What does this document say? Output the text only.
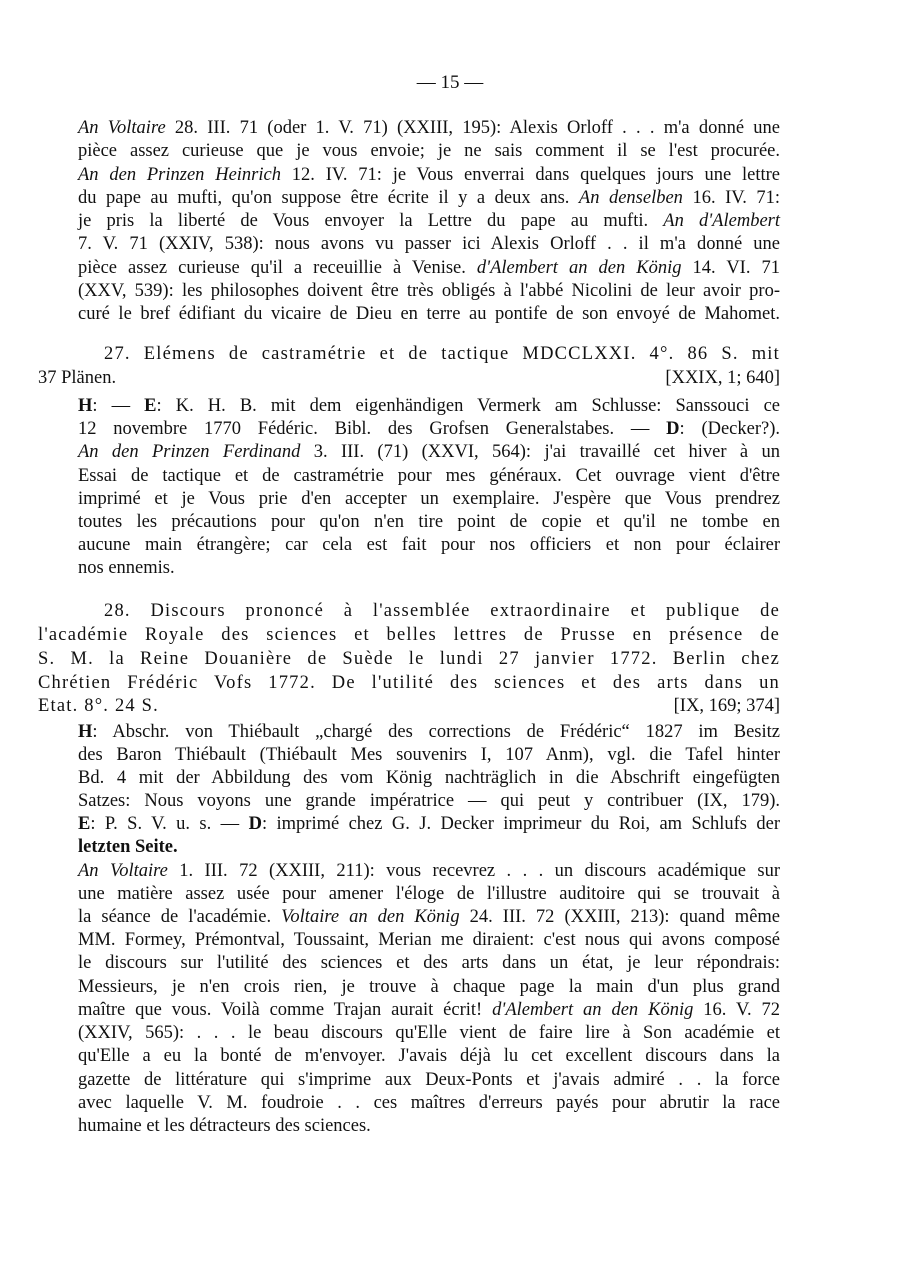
— 15 —
An Voltaire 28. III. 71 (oder 1. V. 71) (XXIII, 195): Alexis Orloff . . . m'a donné une
pièce assez curieuse que je vous envoie; je ne sais comment il se l'est procurée.
An den Prinzen Heinrich 12. IV. 71: je Vous enverrai dans quelques jours une lettre
du pape au mufti, qu'on suppose être écrite il y a deux ans. An denselben 16. IV. 71:
je pris la liberté de Vous envoyer la Lettre du pape au mufti. An d'Alembert
7. V. 71 (XXIV, 538): nous avons vu passer ici Alexis Orloff . . il m'a donné une
pièce assez curieuse qu'il a receuillie à Venise. d'Alembert an den König 14. VI. 71
(XXV, 539): les philosophes doivent être très obligés à l'abbé Nicolini de leur avoir pro-
curé le bref édifiant du vicaire de Dieu en terre au pontife de son envoyé de Mahomet.
27. Elémens de castramétrie et de tactique MDCCLXXI. 4°. 86 S. mit
37 Plänen.	[XXIX, 1; 640]
H: — E: K. H. B. mit dem eigenhändigen Vermerk am Schlusse: Sanssouci ce
12 novembre 1770 Fédéric. Bibl. des Grofsen Generalstabes. — D: (Decker?).
An den Prinzen Ferdinand 3. III. (71) (XXVI, 564): j'ai travaillé cet hiver à un
Essai de tactique et de castramétrie pour mes généraux. Cet ouvrage vient d'être
imprimé et je Vous prie d'en accepter un exemplaire. J'espère que Vous prendrez
toutes les précautions pour qu'on n'en tire point de copie et qu'il ne tombe en
aucune main étrangère; car cela est fait pour nos officiers et non pour éclairer
nos ennemis.
28. Discours prononcé à l'assemblée extraordinaire et publique de
l'académie Royale des sciences et belles lettres de Prusse en présence de
S. M. la Reine Douanière de Suède le lundi 27 janvier 1772. Berlin chez
Chrétien Frédéric Vofs 1772. De l'utilité des sciences et des arts dans un
Etat. 8°. 24 S.	[IX, 169; 374]
H: Abschr. von Thiébault „chargé des corrections de Frédéric“ 1827 im Besitz
des Baron Thiébault (Thiébault Mes souvenirs I, 107 Anm), vgl. die Tafel hinter
Bd. 4 mit der Abbildung des vom König nachträglich in die Abschrift eingefügten
Satzes: Nous voyons une grande impératrice — qui peut y contribuer (IX, 179).
E: P. S. V. u. s. — D: imprimé chez G. J. Decker imprimeur du Roi, am Schlufs der
letzten Seite.
An Voltaire 1. III. 72 (XXIII, 211): vous recevrez . . . un discours académique sur
une matière assez usée pour amener l'éloge de l'illustre auditoire qui se trouvait à
la séance de l'académie. Voltaire an den König 24. III. 72 (XXIII, 213): quand même
MM. Formey, Prémontval, Toussaint, Merian me diraient: c'est nous qui avons composé
le discours sur l'utilité des sciences et des arts dans un état, je leur répondrais:
Messieurs, je n'en crois rien, je trouve à chaque page la main d'un plus grand
maître que vous. Voilà comme Trajan aurait écrit! d'Alembert an den König 16. V. 72
(XXIV, 565): . . . le beau discours qu'Elle vient de faire lire à Son académie et
qu'Elle a eu la bonté de m'envoyer. J'avais déjà lu cet excellent discours dans la
gazette de littérature qui s'imprime aux Deux-Ponts et j'avais admiré . . la force
avec laquelle V. M. foudroie . . ces maîtres d'erreurs payés pour abrutir la race
humaine et les détracteurs des sciences.
